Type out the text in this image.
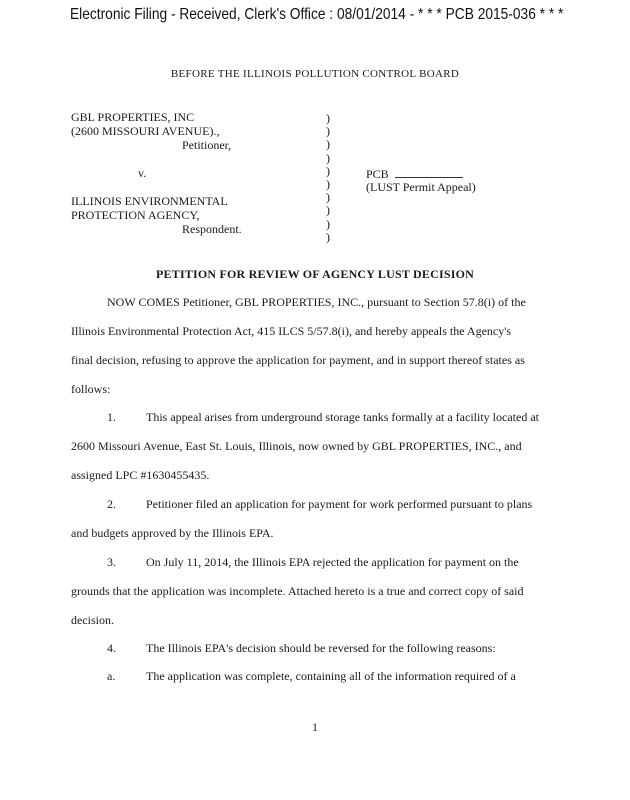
Electronic Filing - Received, Clerk's Office : 08/01/2014 - * * * PCB 2015-036 * * *
BEFORE THE ILLINOIS POLLUTION CONTROL BOARD
GBL PROPERTIES, INC
(2600 MISSOURI AVENUE).,
Petitioner,
v.
ILLINOIS ENVIRONMENTAL
PROTECTION AGENCY,
Respondent.
)
)
)
)
)
)
)
)
)
)
PCB
(LUST Permit Appeal)
PETITION FOR REVIEW OF AGENCY LUST DECISION
NOW COMES Petitioner, GBL PROPERTIES, INC., pursuant to Section 57.8(i) of the
Illinois Environmental Protection Act, 415 ILCS 5/57.8(i), and hereby appeals the Agency's
final decision, refusing to approve the application for payment, and in support thereof states as
follows:
1.	This appeal arises from underground storage tanks formally at a facility located at
2600 Missouri Avenue, East St. Louis, Illinois, now owned by GBL PROPERTIES, INC., and
assigned LPC #1630455435.
2.	Petitioner filed an application for payment for work performed pursuant to plans
and budgets approved by the Illinois EPA.
3.	On July 11, 2014, the Illinois EPA rejected the application for payment on the
grounds that the application was incomplete. Attached hereto is a true and correct copy of said
decision.
4.	The Illinois EPA's decision should be reversed for the following reasons:
a.	The application was complete, containing all of the information required of a
1
